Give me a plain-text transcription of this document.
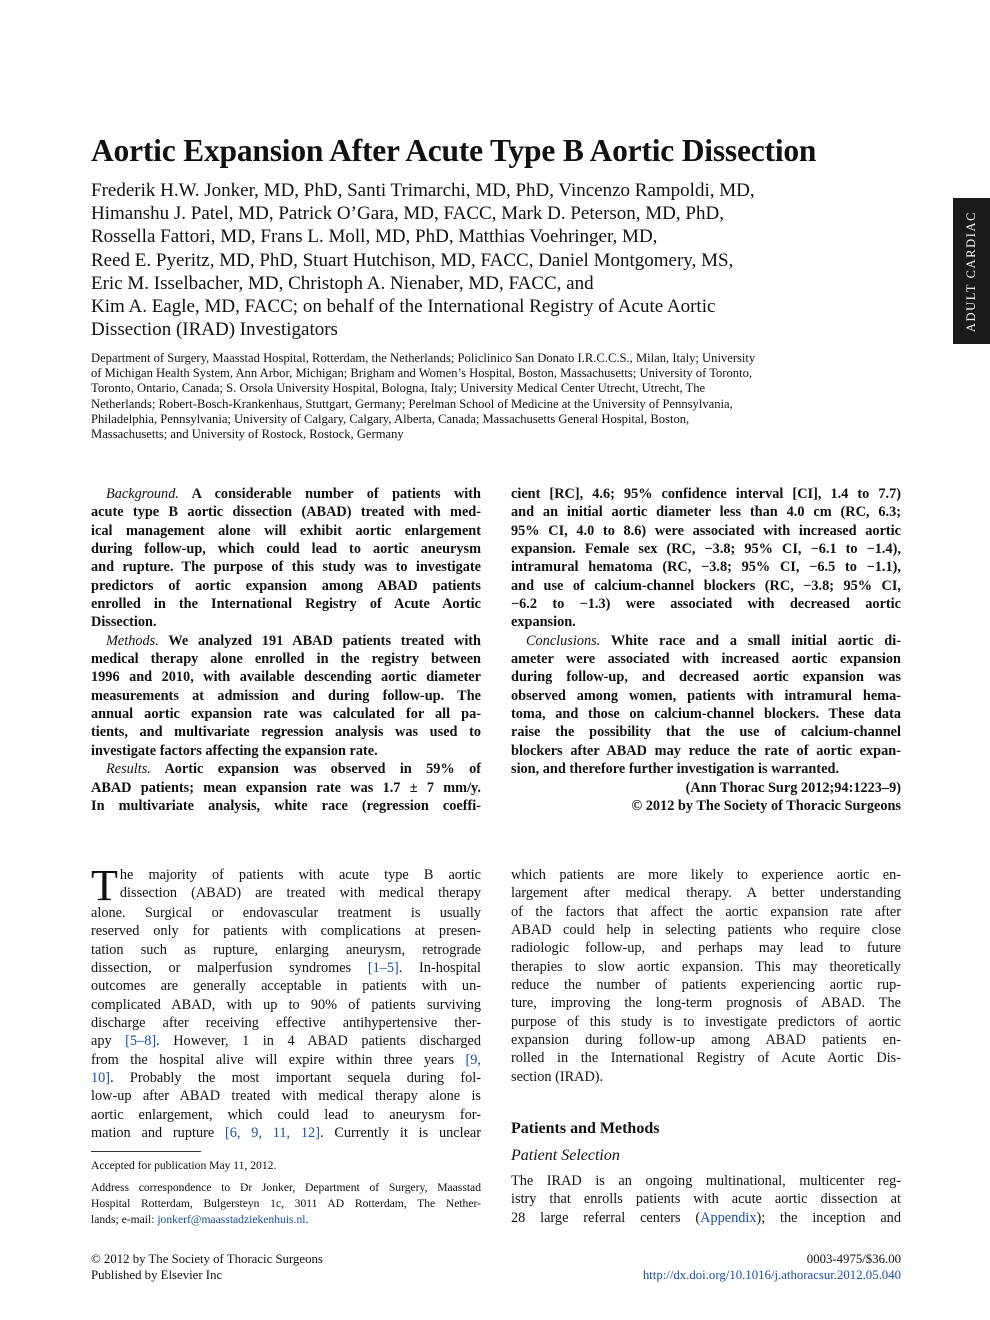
Aortic Expansion After Acute Type B Aortic Dissection
ADULT CARDIAC
Frederik H.W. Jonker, MD, PhD, Santi Trimarchi, MD, PhD, Vincenzo Rampoldi, MD,
Himanshu J. Patel, MD, Patrick O’Gara, MD, FACC, Mark D. Peterson, MD, PhD,
Rossella Fattori, MD, Frans L. Moll, MD, PhD, Matthias Voehringer, MD,
Reed E. Pyeritz, MD, PhD, Stuart Hutchison, MD, FACC, Daniel Montgomery, MS,
Eric M. Isselbacher, MD, Christoph A. Nienaber, MD, FACC, and
Kim A. Eagle, MD, FACC; on behalf of the International Registry of Acute Aortic
Dissection (IRAD) Investigators
Department of Surgery, Maasstad Hospital, Rotterdam, the Netherlands; Policlinico San Donato I.R.C.C.S., Milan, Italy; University
of Michigan Health System, Ann Arbor, Michigan; Brigham and Women’s Hospital, Boston, Massachusetts; University of Toronto,
Toronto, Ontario, Canada; S. Orsola University Hospital, Bologna, Italy; University Medical Center Utrecht, Utrecht, The
Netherlands; Robert-Bosch-Krankenhaus, Stuttgart, Germany; Perelman School of Medicine at the University of Pennsylvania,
Philadelphia, Pennsylvania; University of Calgary, Calgary, Alberta, Canada; Massachusetts General Hospital, Boston,
Massachusetts; and University of Rostock, Rostock, Germany
Background. A considerable number of patients with
acute type B aortic dissection (ABAD) treated with med-
ical management alone will exhibit aortic enlargement
during follow-up, which could lead to aortic aneurysm
and rupture. The purpose of this study was to investigate
predictors of aortic expansion among ABAD patients
enrolled in the International Registry of Acute Aortic
Dissection.
Methods. We analyzed 191 ABAD patients treated with
medical therapy alone enrolled in the registry between
1996 and 2010, with available descending aortic diameter
measurements at admission and during follow-up. The
annual aortic expansion rate was calculated for all pa-
tients, and multivariate regression analysis was used to
investigate factors affecting the expansion rate.
Results. Aortic expansion was observed in 59% of
ABAD patients; mean expansion rate was 1.7 ± 7 mm/y.
In multivariate analysis, white race (regression coeffi-
cient [RC], 4.6; 95% confidence interval [CI], 1.4 to 7.7)
and an initial aortic diameter less than 4.0 cm (RC, 6.3;
95% CI, 4.0 to 8.6) were associated with increased aortic
expansion. Female sex (RC, −3.8; 95% CI, −6.1 to −1.4),
intramural hematoma (RC, −3.8; 95% CI, −6.5 to −1.1),
and use of calcium-channel blockers (RC, −3.8; 95% CI,
−6.2 to −1.3) were associated with decreased aortic
expansion.
Conclusions. White race and a small initial aortic di-
ameter were associated with increased aortic expansion
during follow-up, and decreased aortic expansion was
observed among women, patients with intramural hema-
toma, and those on calcium-channel blockers. These data
raise the possibility that the use of calcium-channel
blockers after ABAD may reduce the rate of aortic expan-
sion, and therefore further investigation is warranted.
(Ann Thorac Surg 2012;94:1223–9)
© 2012 by The Society of Thoracic Surgeons
T he majority of patients with acute type B aortic
dissection (ABAD) are treated with medical therapy
alone. Surgical or endovascular treatment is usually
reserved only for patients with complications at presen-
tation such as rupture, enlarging aneurysm, retrograde
dissection, or malperfusion syndromes [1–5]. In-hospital
outcomes are generally acceptable in patients with un-
complicated ABAD, with up to 90% of patients surviving
discharge after receiving effective antihypertensive ther-
apy [5–8]. However, 1 in 4 ABAD patients discharged
from the hospital alive will expire within three years [9,
10]. Probably the most important sequela during fol-
low-up after ABAD treated with medical therapy alone is
aortic enlargement, which could lead to aneurysm for-
mation and rupture [6, 9, 11, 12]. Currently it is unclear
which patients are more likely to experience aortic en-
largement after medical therapy. A better understanding
of the factors that affect the aortic expansion rate after
ABAD could help in selecting patients who require close
radiologic follow-up, and perhaps may lead to future
therapies to slow aortic expansion. This may theoretically
reduce the number of patients experiencing aortic rup-
ture, improving the long-term prognosis of ABAD. The
purpose of this study is to investigate predictors of aortic
expansion during follow-up among ABAD patients en-
rolled in the International Registry of Acute Aortic Dis-
section (IRAD).
Patients and Methods
Patient Selection
The IRAD is an ongoing multinational, multicenter reg-
istry that enrolls patients with acute aortic dissection at
28 large referral centers (Appendix); the inception and
Accepted for publication May 11, 2012.
Address correspondence to Dr Jonker, Department of Surgery, Maasstad
Hospital Rotterdam, Bulgersteyn 1c, 3011 AD Rotterdam, The Nether-
lands; e-mail: jonkerf@maasstadziekenhuis.nl.
© 2012 by The Society of Thoracic Surgeons
Published by Elsevier Inc
0003-4975/$36.00
http://dx.doi.org/10.1016/j.athoracsur.2012.05.040
